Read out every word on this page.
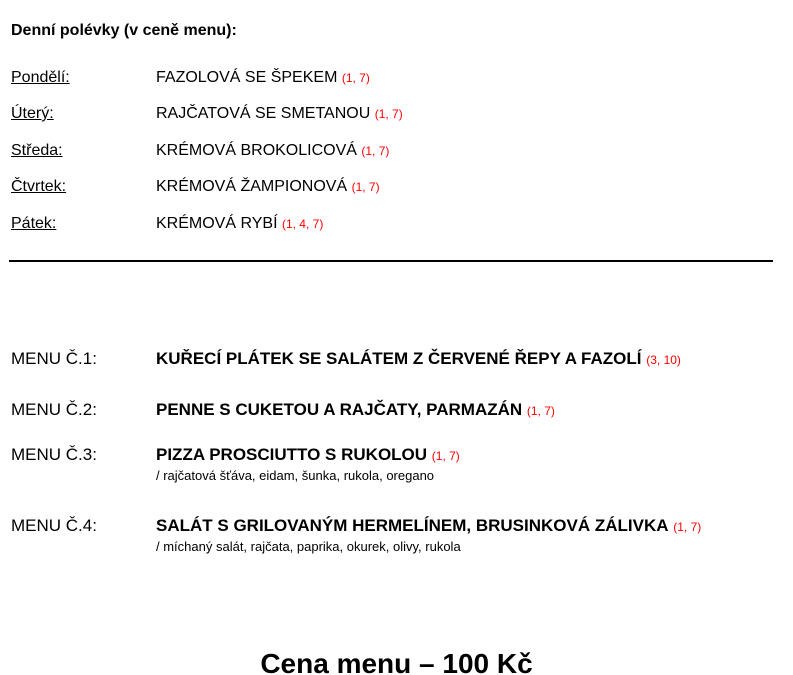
Denní polévky (v ceně menu):
Pondělí:	FAZOLOVÁ SE ŠPEKEM (1, 7)
Úterý:	RAJČATOVÁ SE SMETANOU (1, 7)
Středa:	KRÉMOVÁ BROKOLICOVÁ (1, 7)
Čtvrtek:	KRÉMOVÁ ŽAMPIONOVÁ (1, 7)
Pátek:	KRÉMOVÁ RYBÍ (1, 4, 7)
MENU Č.1:	KUŘECÍ PLÁTEK SE SALÁTEM Z ČERVENÉ ŘEPY A FAZOLÍ (3, 10)
MENU Č.2:	PENNE S CUKETOU A RAJČATY, PARMAZÁN (1, 7)
MENU Č.3:	PIZZA PROSCIUTTO S RUKOLOU (1, 7)
/ rajčatová šťáva, eidam, šunka, rukola, oregano
MENU Č.4:	SALÁT S GRILOVANÝM HERMELÍNEM, BRUSINKOVÁ ZÁLIVKA (1, 7)
/ míchaný salát, rajčata, paprika, okurek, olivy, rukola
Cena menu – 100 Kč
